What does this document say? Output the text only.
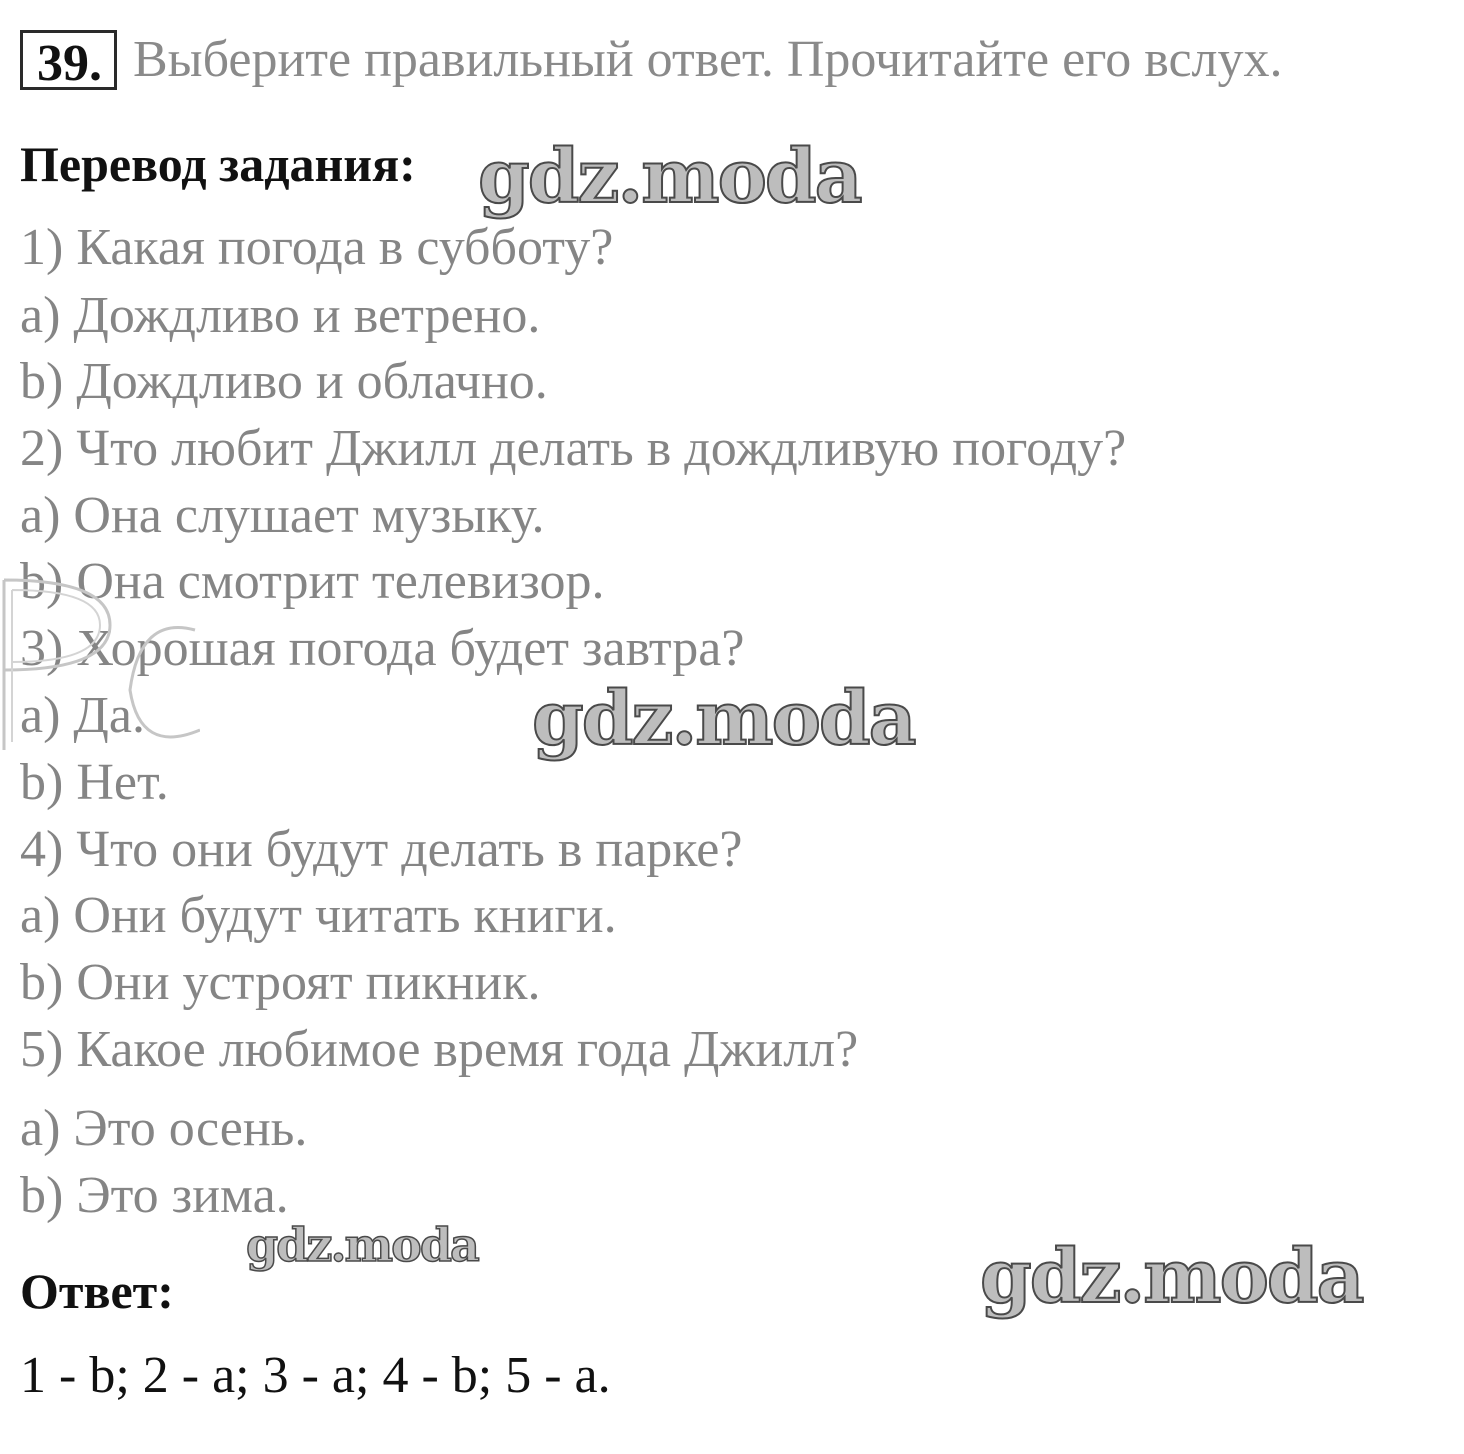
39. Выберите правильный ответ. Прочитайте его вслух.
Перевод задания:
1) Какая погода в субботу?
a) Дождливо и ветрено.
b) Дождливо и облачно.
2) Что любит Джилл делать в дождливую погоду?
a) Она слушает музыку.
b) Она смотрит телевизор.
3) Хорошая погода будет завтра?
a) Да.
b) Нет.
4) Что они будут делать в парке?
a) Они будут читать книги.
b) Они устроят пикник.
5) Какое любимое время года Джилл?
a) Это осень.
b) Это зима.
Ответ:
1 - b; 2 - a; 3 - a; 4 - b; 5 - a.
gdz.moda
gdz.moda
gdz.moda	gdz.moda
